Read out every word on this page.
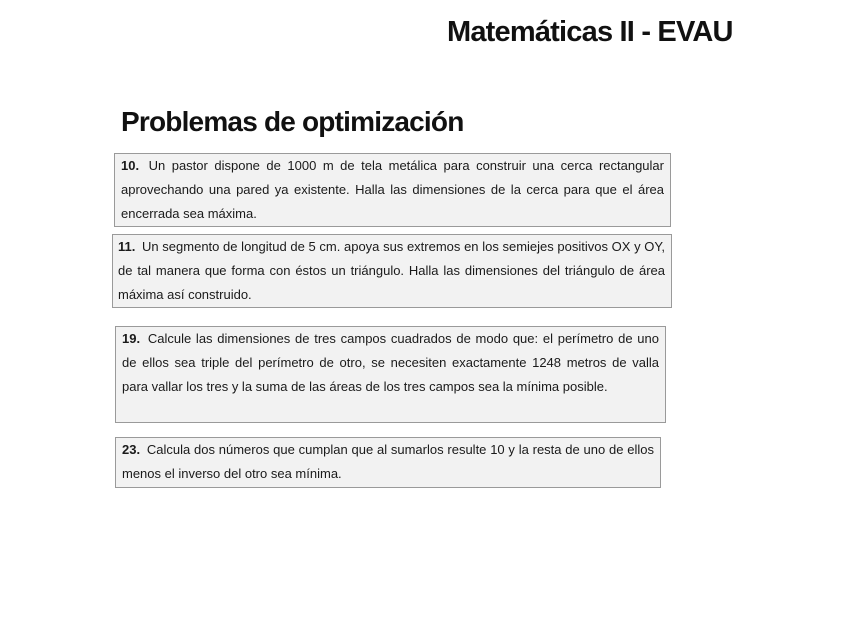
Matemáticas II - EVAU
Problemas de optimización

10. Un pastor dispone de 1000 m de tela metálica para construir una cerca rectangular aprovechando una pared ya existente. Halla las dimensiones de la cerca para que el área encerrada sea máxima.

11. Un segmento de longitud de 5 cm. apoya sus extremos en los semiejes positivos OX y OY, de tal manera que forma con éstos un triángulo. Halla las dimensiones del triángulo de área máxima así construido.

19. Calcule las dimensiones de tres campos cuadrados de modo que: el perímetro de uno de ellos sea triple del perímetro de otro, se necesiten exactamente 1248 metros de valla para vallar los tres y la suma de las áreas de los tres campos sea la mínima posible.

23. Calcula dos números que cumplan que al sumarlos resulte 10 y la resta de uno de ellos menos el inverso del otro sea mínima.
